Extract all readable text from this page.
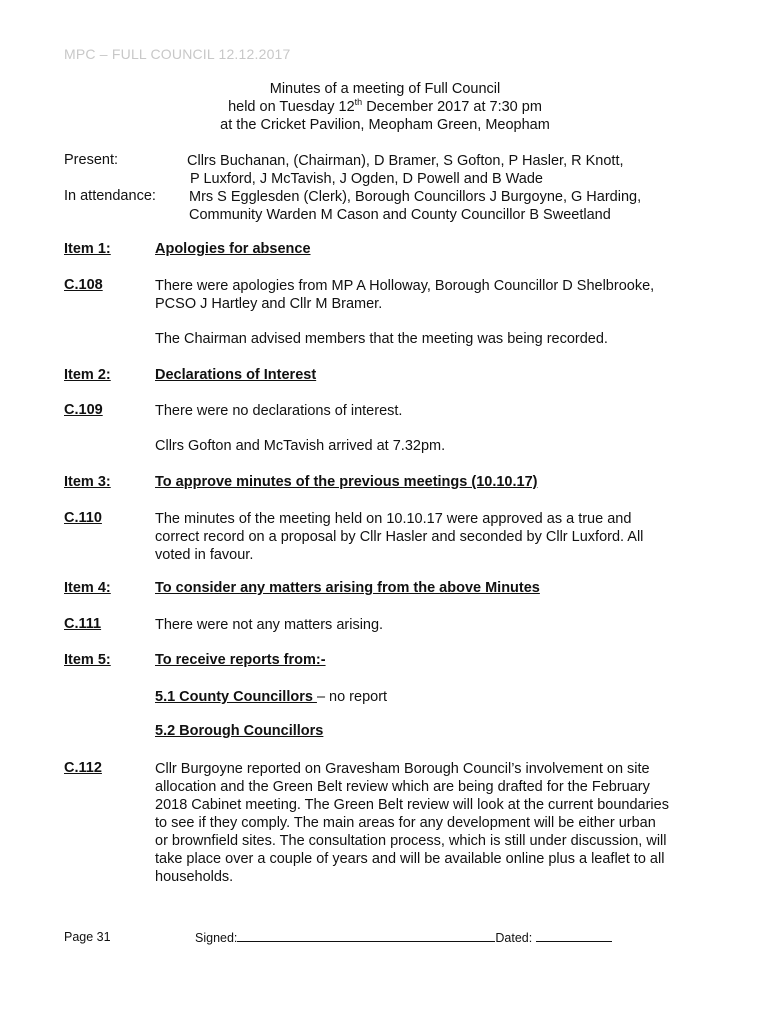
MPC – FULL COUNCIL 12.12.2017
Minutes of a meeting of Full Council
held on Tuesday 12th December 2017 at 7:30 pm
at the Cricket Pavilion, Meopham Green, Meopham
Present:	Cllrs Buchanan, (Chairman), D Bramer, S Gofton, P Hasler, R Knott,
P Luxford, J McTavish, J Ogden, D Powell and B Wade
In attendance: Mrs S Egglesden (Clerk), Borough Councillors J Burgoyne, G Harding,
Community Warden M Cason and County Councillor B Sweetland
Item 1:	Apologies for absence
C.108	There were apologies from MP A Holloway, Borough Councillor D Shelbrooke,
PCSO J Hartley and Cllr M Bramer.
The Chairman advised members that the meeting was being recorded.
Item 2:	Declarations of Interest
C.109	There were no declarations of interest.
Cllrs Gofton and McTavish arrived at 7.32pm.
Item 3:	To approve minutes of the previous meetings (10.10.17)
C.110	The minutes of the meeting held on 10.10.17 were approved as a true and
correct record on a proposal by Cllr Hasler and seconded by Cllr Luxford. All
voted in favour.
Item 4:	To consider any matters arising from the above Minutes
C.111	There were not any matters arising.
Item 5:	To receive reports from:-
5.1 County Councillors – no report
5.2 Borough Councillors
C.112	Cllr Burgoyne reported on Gravesham Borough Council’s involvement on site
allocation and the Green Belt review which are being drafted for the February
2018 Cabinet meeting. The Green Belt review will look at the current boundaries
to see if they comply. The main areas for any development will be either urban
or brownfield sites. The consultation process, which is still under discussion, will
take place over a couple of years and will be available online plus a leaflet to all
households.
Page 31	Signed:	Dated:
